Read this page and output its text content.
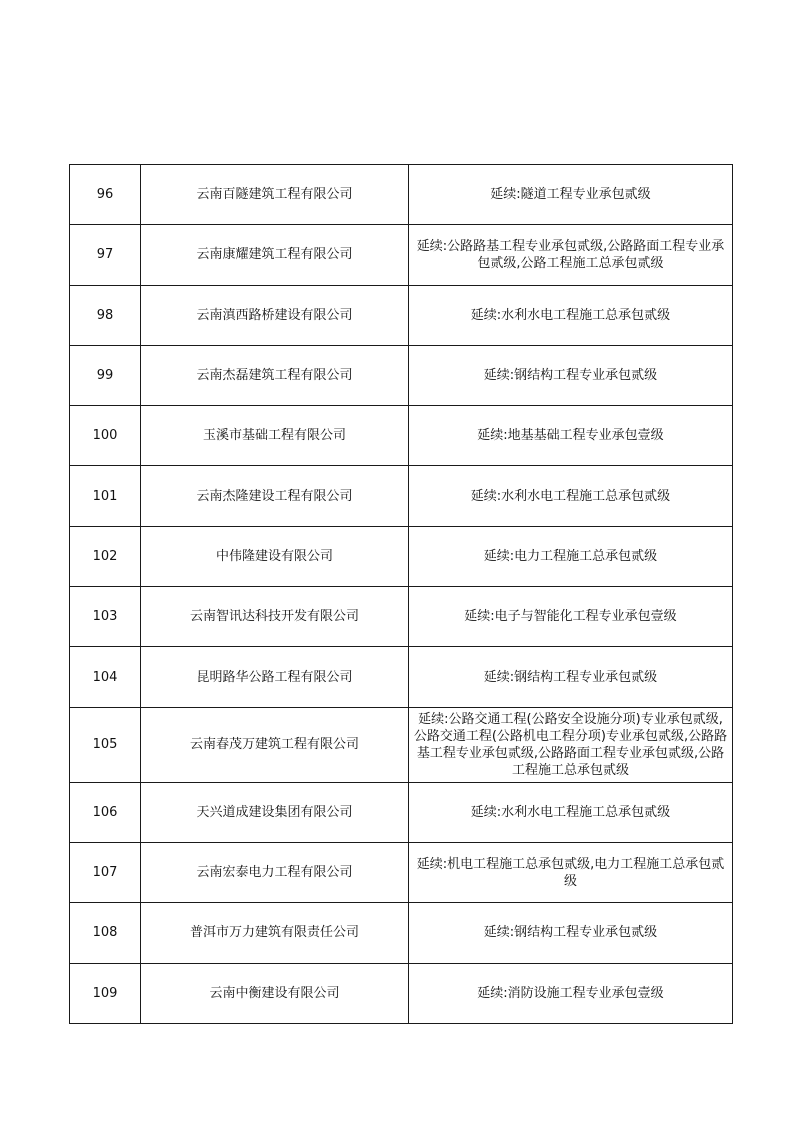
96	云南百隧建筑工程有限公司	延续:隧道工程专业承包贰级
97	云南康耀建筑工程有限公司	延续:公路路基工程专业承包贰级,公路路面工程专业承包贰级,公路工程施工总承包贰级
98	云南滇西路桥建设有限公司	延续:水利水电工程施工总承包贰级
99	云南杰磊建筑工程有限公司	延续:钢结构工程专业承包贰级
100	玉溪市基础工程有限公司	延续:地基基础工程专业承包壹级
101	云南杰隆建设工程有限公司	延续:水利水电工程施工总承包贰级
102	中伟隆建设有限公司	延续:电力工程施工总承包贰级
103	云南智讯达科技开发有限公司	延续:电子与智能化工程专业承包壹级
104	昆明路华公路工程有限公司	延续:钢结构工程专业承包贰级
105	云南春茂万建筑工程有限公司	延续:公路交通工程(公路安全设施分项)专业承包贰级,公路交通工程(公路机电工程分项)专业承包贰级,公路路基工程专业承包贰级,公路路面工程专业承包贰级,公路工程施工总承包贰级
106	天兴道成建设集团有限公司	延续:水利水电工程施工总承包贰级
107	云南宏泰电力工程有限公司	延续:机电工程施工总承包贰级,电力工程施工总承包贰级
108	普洱市万力建筑有限责任公司	延续:钢结构工程专业承包贰级
109	云南中衡建设有限公司	延续:消防设施工程专业承包壹级
